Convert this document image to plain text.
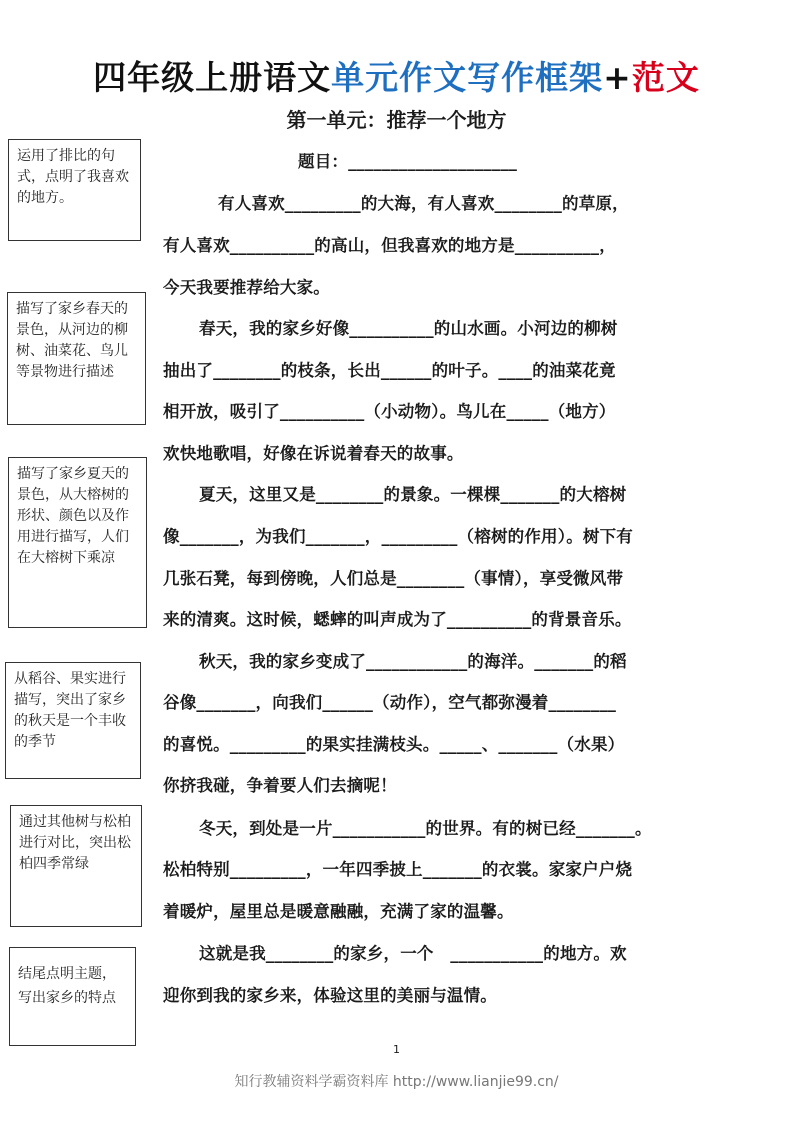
四年级上册语文单元作文写作框架+范文
第一单元：推荐一个地方
运用了排比的句式，点明了我喜欢的地方。
描写了家乡春天的景色，从河边的柳树、油菜花、鸟儿等景物进行描述
描写了家乡夏天的景色，从大榕树的形状、颜色以及作用进行描写，人们在大榕树下乘凉
从稻谷、果实进行描写，突出了家乡的秋天是一个丰收的季节
通过其他树与松柏进行对比，突出松柏四季常绿
结尾点明主题，写出家乡的特点
题目：____________________
有人喜欢_________的大海，有人喜欢________的草原，
有人喜欢__________的高山，但我喜欢的地方是__________，
今天我要推荐给大家。
春天，我的家乡好像__________的山水画。小河边的柳树
抽出了________的枝条，长出______的叶子。____的油菜花竟
相开放，吸引了__________（小动物）。鸟儿在_____（地方）
欢快地歌唱，好像在诉说着春天的故事。
夏天，这里又是________的景象。一棵棵_______的大榕树
像_______，为我们_______，_________（榕树的作用）。树下有
几张石凳，每到傍晚，人们总是________（事情），享受微风带
来的清爽。这时候，蟋蟀的叫声成为了__________的背景音乐。
秋天，我的家乡变成了____________的海洋。_______的稻
谷像_______，向我们______（动作），空气都弥漫着________
的喜悦。_________的果实挂满枝头。_____、_______（水果）
你挤我碰，争着要人们去摘呢！
冬天，到处是一片___________的世界。有的树已经_______。
松柏特别_________，一年四季披上_______的衣裳。家家户户烧
着暖炉，屋里总是暖意融融，充满了家的温馨。
这就是我________的家乡，一个　___________的地方。欢
迎你到我的家乡来，体验这里的美丽与温情。
1
知行教辅资料学霸资料库 http://www.lianjie99.cn/
